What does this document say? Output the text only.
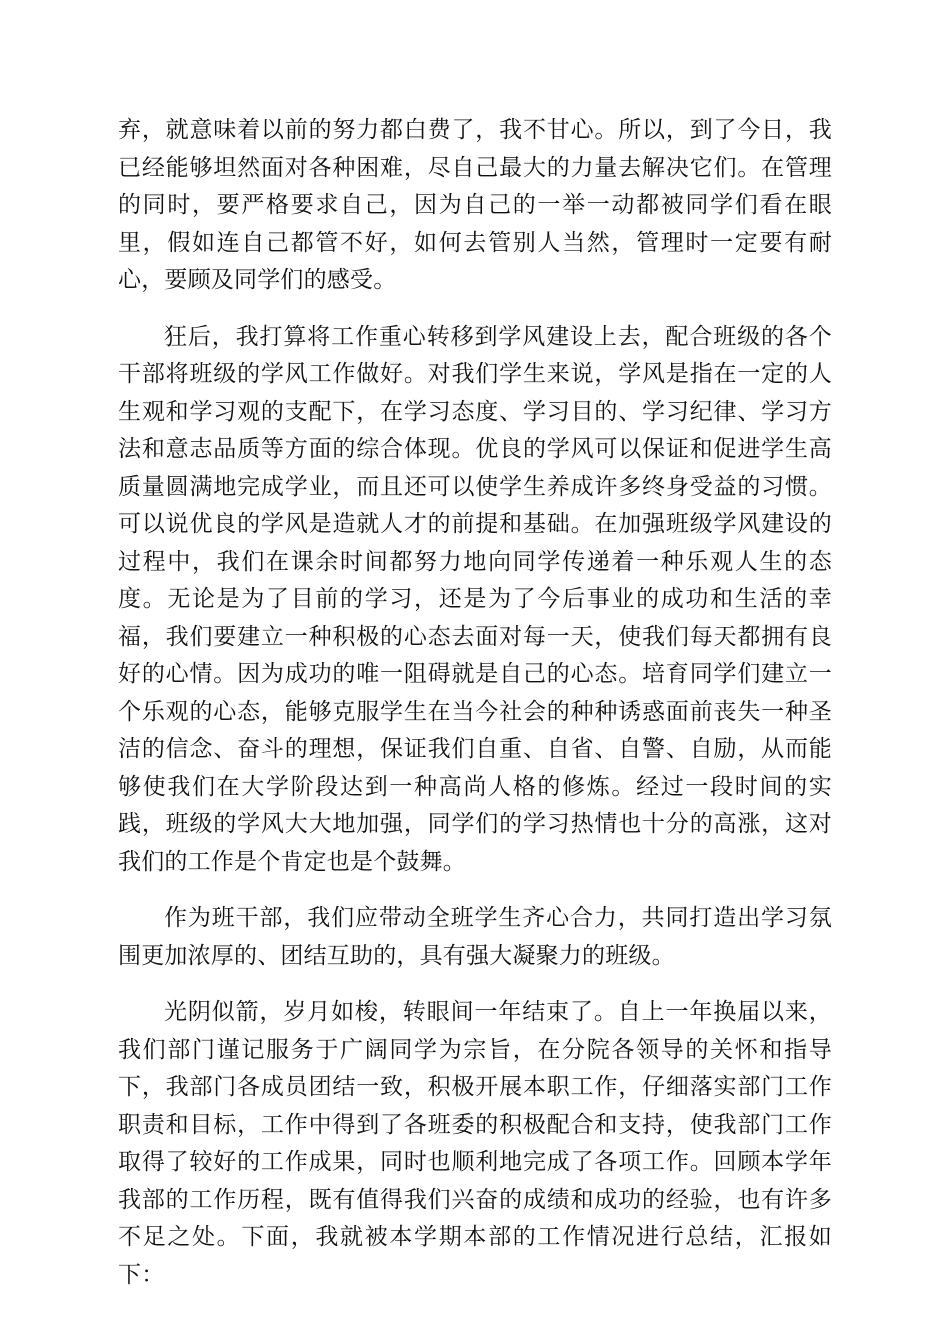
弃，就意味着以前的努力都白费了，我不甘心。所以，到了今日，我已经能够坦然面对各种困难，尽自己最大的力量去解决它们。在管理的同时，要严格要求自己，因为自己的一举一动都被同学们看在眼里，假如连自己都管不好，如何去管别人当然，管理时一定要有耐心，要顾及同学们的感受。

狂后，我打算将工作重心转移到学风建设上去，配合班级的各个干部将班级的学风工作做好。对我们学生来说，学风是指在一定的人生观和学习观的支配下，在学习态度、学习目的、学习纪律、学习方法和意志品质等方面的综合体现。优良的学风可以保证和促进学生高质量圆满地完成学业，而且还可以使学生养成许多终身受益的习惯。可以说优良的学风是造就人才的前提和基础。在加强班级学风建设的过程中，我们在课余时间都努力地向同学传递着一种乐观人生的态度。无论是为了目前的学习，还是为了今后事业的成功和生活的幸福，我们要建立一种积极的心态去面对每一天，使我们每天都拥有良好的心情。因为成功的唯一阻碍就是自己的心态。培育同学们建立一个乐观的心态，能够克服学生在当今社会的种种诱惑面前丧失一种圣洁的信念、奋斗的理想，保证我们自重、自省、自警、自励，从而能够使我们在大学阶段达到一种高尚人格的修炼。经过一段时间的实践，班级的学风大大地加强，同学们的学习热情也十分的高涨，这对我们的工作是个肯定也是个鼓舞。

作为班干部，我们应带动全班学生齐心合力，共同打造出学习氛围更加浓厚的、团结互助的，具有强大凝聚力的班级。

光阴似箭，岁月如梭，转眼间一年结束了。自上一年换届以来，我们部门谨记服务于广阔同学为宗旨，在分院各领导的关怀和指导下，我部门各成员团结一致，积极开展本职工作，仔细落实部门工作职责和目标，工作中得到了各班委的积极配合和支持，使我部门工作取得了较好的工作成果，同时也顺利地完成了各项工作。回顾本学年我部的工作历程，既有值得我们兴奋的成绩和成功的经验，也有许多不足之处。下面，我就被本学期本部的工作情况进行总结，汇报如下：
